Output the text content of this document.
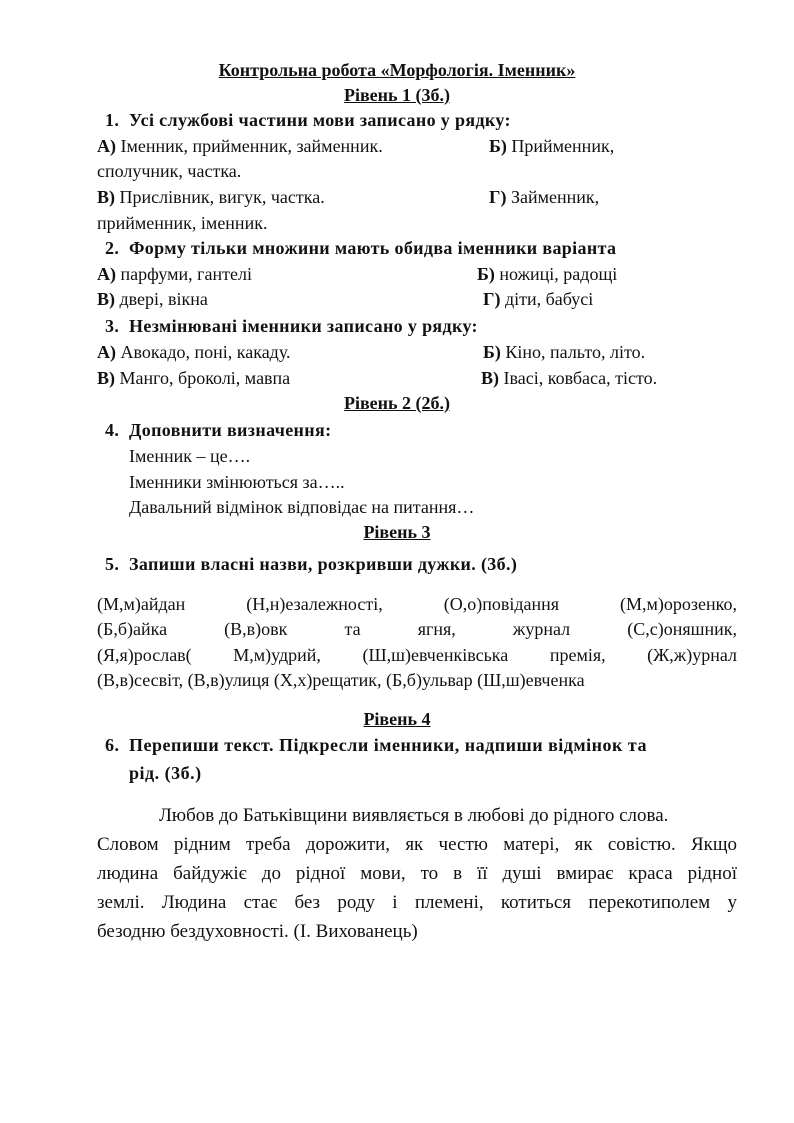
Контрольна робота «Морфологія. Іменник»
Рівень 1 (3б.)
1. Усі службові частини мови записано у рядку:
А) Іменник, прийменник, займенник.	Б) Прийменник,
сполучник, частка.
В) Прислівник, вигук, частка.	Г) Займенник,
прийменник, іменник.
2. Форму тільки множини мають обидва іменники варіанта
А) парфуми, гантелі	Б) ножиці, радощі
В) двері, вікна	Г) діти, бабусі
3. Незмінювані іменники записано у рядку:
А) Авокадо, поні, какаду.	Б) Кіно, пальто, літо.
В) Манго, броколі, мавпа	В) Іваci, ковбаса, тісто.
Рівень 2 (2б.)
4. Доповнити визначення:
Іменник – це….
Іменники змінюються за…..
Давальний відмінок відповідає на питання…
Рівень 3
5. Запиши власні назви, розкривши дужки. (3б.)
(М,м)айдан (Н,н)езалежності, (О,о)повідання (М,м)орозенко,
(Б,б)айка (В,в)овк та ягня, журнал (С,с)оняшник,
(Я,я)рослав( М,м)удрий, (Ш,ш)евченківська премія, (Ж,ж)урнал
(В,в)сесвіт, (В,в)улиця (Х,х)рещатик, (Б,б)ульвар (Ш,ш)евченка
Рівень 4
6. Перепиши текст. Підкресли іменники, надпиши відмінок та
рід. (3б.)
Любов до Батьківщини виявляється в любові до рідного слова.
Словом рідним треба дорожити, як честю матері, як совістю. Якщо
людина байдужіє до рідної мови, то в її душі вмирає краса рідної
землі. Людина стає без роду і племені, котиться перекотиполем у
безодню бездуховності. (І. Вихованець)
